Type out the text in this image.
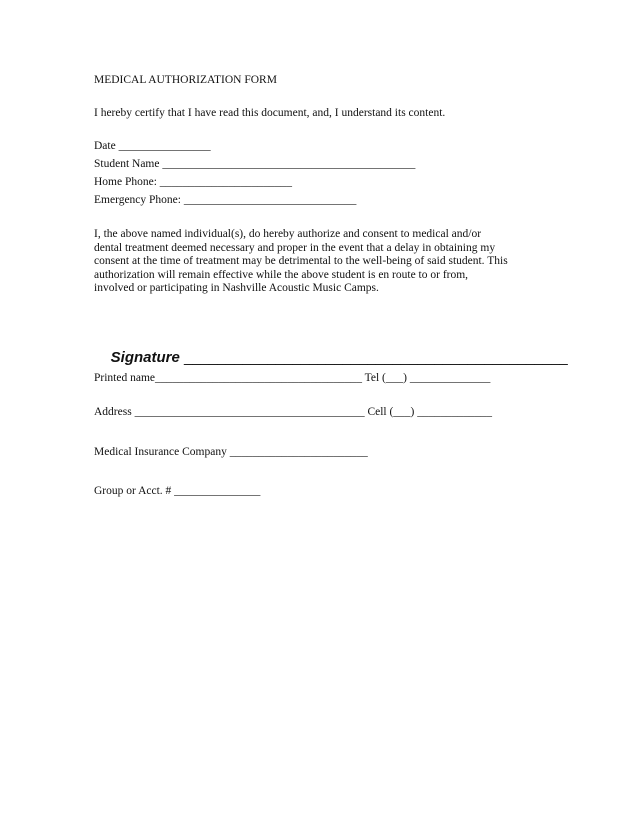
MEDICAL AUTHORIZATION FORM

I hereby certify that I have read this document, and, I understand its content.

Date ________________

Student Name ____________________________________________

Home Phone: _______________________

Emergency Phone: ______________________________

I, the above named individual(s), do hereby authorize and consent to medical and/or
dental treatment deemed necessary and proper in the event that a delay in obtaining my
consent at the time of treatment may be detrimental to the well-being of said student. This
authorization will remain effective while the above student is en route to or from,
involved or participating in Nashville Acoustic Music Camps.

Signature ______________________________________________

Printed name____________________________________ Tel (___) ______________

Address ________________________________________ Cell (___) _____________

Medical Insurance Company ________________________

Group or Acct. # _______________
